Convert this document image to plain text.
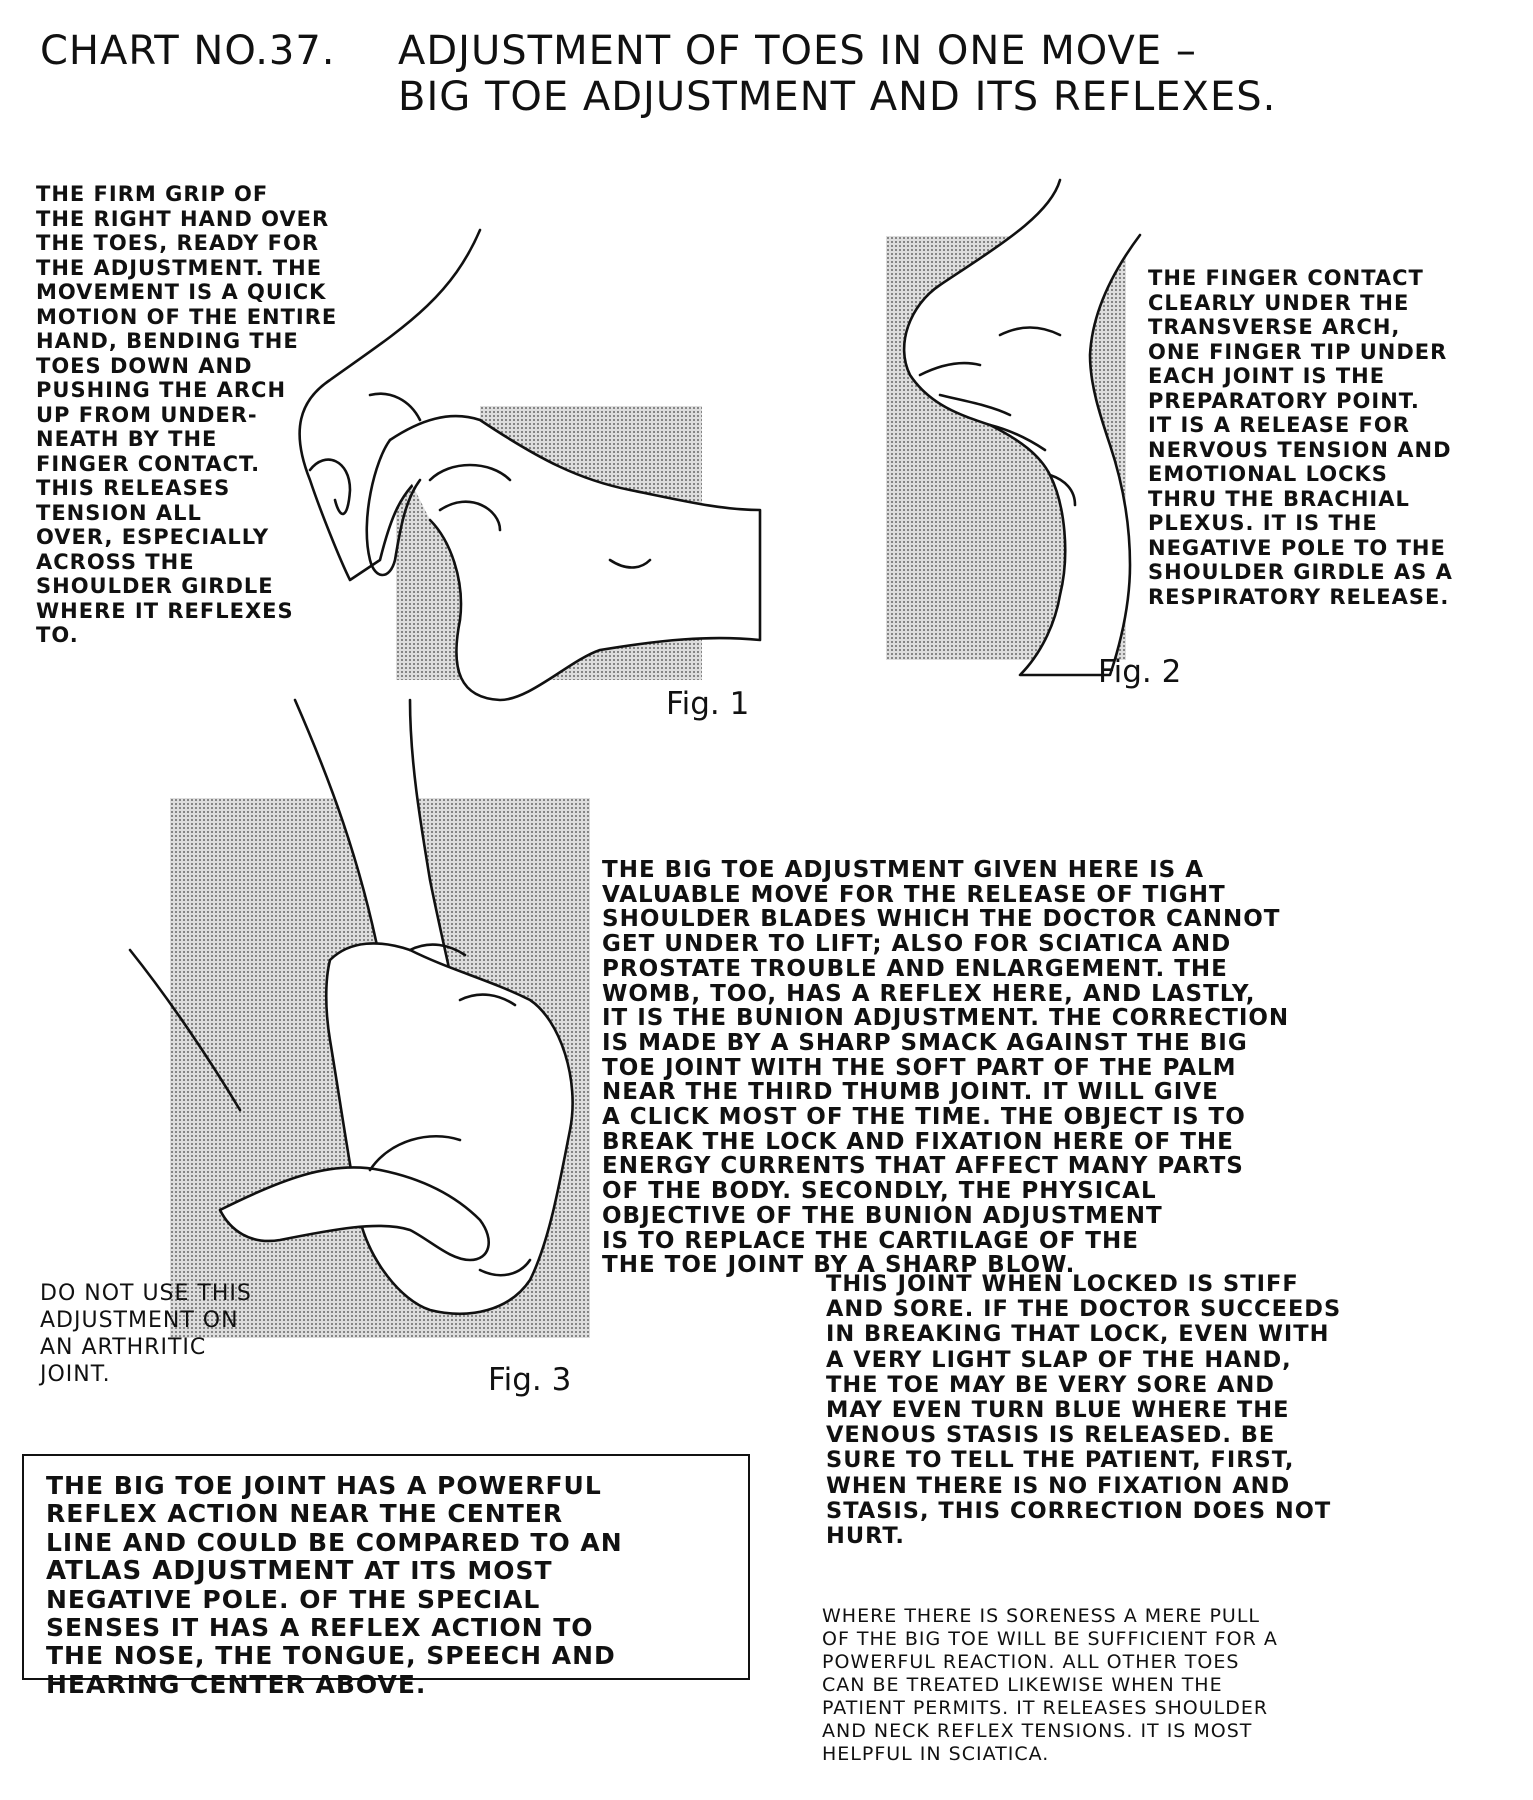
CHART NO.37. ADJUSTMENT OF TOES IN ONE MOVE –

BIG TOE ADJUSTMENT AND ITS REFLEXES.
Fig. 1
THE FINGER CONTACT
CLEARLY UNDER THE
TRANSVERSE ARCH,
ONE FINGER TIP UNDER
EACH JOINT IS THE
PREPARATORY POINT.
IT IS A RELEASE FOR
NERVOUS TENSION AND
EMOTIONAL LOCKS
THRU THE BRACHIAL
PLEXUS. IT IS THE
NEGATIVE POLE TO THE
SHOULDER GIRDLE AS A
RESPIRATORY RELEASE.
Fig. 2
THE FIRM GRIP OF
THE RIGHT HAND OVER
THE TOES, READY FOR
THE ADJUSTMENT. THE
MOVEMENT IS A QUICK
MOTION OF THE ENTIRE
HAND, BENDING THE
TOES DOWN AND
PUSHING THE ARCH
UP FROM UNDER-
NEATH BY THE
FINGER CONTACT.
THIS RELEASES
TENSION ALL
OVER, ESPECIALLY
ACROSS THE
SHOULDER GIRDLE
WHERE IT REFLEXES
TO.
Fig. 3
DO NOT USE THIS
ADJUSTMENT ON
AN ARTHRITIC
JOINT.
THE BIG TOE ADJUSTMENT GIVEN HERE IS A
VALUABLE MOVE FOR THE RELEASE OF TIGHT
SHOULDER BLADES WHICH THE DOCTOR CANNOT
GET UNDER TO LIFT; ALSO FOR SCIATICA AND
PROSTATE TROUBLE AND ENLARGEMENT. THE
WOMB, TOO, HAS A REFLEX HERE, AND LASTLY,
IT IS THE BUNION ADJUSTMENT. THE CORRECTION
IS MADE BY A SHARP SMACK AGAINST THE BIG
TOE JOINT WITH THE SOFT PART OF THE PALM
NEAR THE THIRD THUMB JOINT. IT WILL GIVE
A CLICK MOST OF THE TIME. THE OBJECT IS TO
BREAK THE LOCK AND FIXATION HERE OF THE
ENERGY CURRENTS THAT AFFECT MANY PARTS
OF THE BODY. SECONDLY, THE PHYSICAL
OBJECTIVE OF THE BUNION ADJUSTMENT
IS TO REPLACE THE CARTILAGE OF THE
THE TOE JOINT BY A SHARP BLOW.
THIS JOINT WHEN LOCKED IS STIFF
AND SORE. IF THE DOCTOR SUCCEEDS
IN BREAKING THAT LOCK, EVEN WITH
A VERY LIGHT SLAP OF THE HAND,
THE TOE MAY BE VERY SORE AND
MAY EVEN TURN BLUE WHERE THE
VENOUS STASIS IS RELEASED. BE
SURE TO TELL THE PATIENT, FIRST,
WHEN THERE IS NO FIXATION AND
STASIS, THIS CORRECTION DOES NOT
HURT.
WHERE THERE IS SORENESS A MERE PULL
OF THE BIG TOE WILL BE SUFFICIENT FOR A
POWERFUL REACTION. ALL OTHER TOES
CAN BE TREATED LIKEWISE WHEN THE
PATIENT PERMITS. IT RELEASES SHOULDER
AND NECK REFLEX TENSIONS. IT IS MOST
HELPFUL IN SCIATICA.
THE BIG TOE JOINT HAS A POWERFUL
REFLEX ACTION NEAR THE CENTER
LINE AND COULD BE COMPARED TO AN
ATLAS ADJUSTMENT AT ITS MOST
NEGATIVE POLE. OF THE SPECIAL
SENSES IT HAS A REFLEX ACTION TO
THE NOSE, THE TONGUE, SPEECH AND
HEARING CENTER ABOVE.
